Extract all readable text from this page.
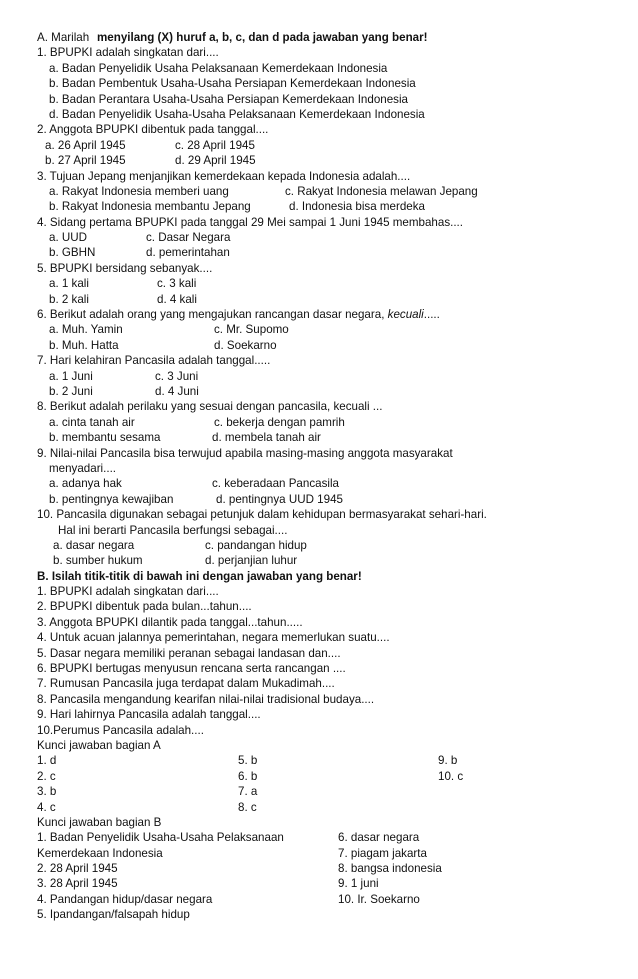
A. Marilah menyilang (X) huruf a, b, c, dan d pada jawaban yang benar!
1. BPUPKI adalah singkatan dari....
a. Badan Penyelidik Usaha Pelaksanaan Kemerdekaan Indonesia
b. Badan Pembentuk Usaha-Usaha Persiapan Kemerdekaan Indonesia
b. Badan Perantara Usaha-Usaha Persiapan Kemerdekaan Indonesia
d. Badan Penyelidik Usaha-Usaha Pelaksanaan Kemerdekaan Indonesia
2. Anggota BPUPKI dibentuk pada tanggal....
a. 26 April 1945	c. 28 April 1945
b. 27 April 1945	d. 29 April 1945
3. Tujuan Jepang menjanjikan kemerdekaan kepada Indonesia adalah....
a. Rakyat Indonesia memberi uang	c. Rakyat Indonesia melawan Jepang
b. Rakyat Indonesia membantu Jepang	d. Indonesia bisa merdeka
4. Sidang pertama BPUPKI pada tanggal 29 Mei sampai 1 Juni 1945 membahas....
a. UUD	c. Dasar Negara
b. GBHN	d. pemerintahan
5. BPUPKI bersidang sebanyak....
a. 1 kali	c. 3 kali
b. 2 kali	d. 4 kali
6. Berikut adalah orang yang mengajukan rancangan dasar negara, kecuali.....
a. Muh. Yamin	c. Mr. Supomo
b. Muh. Hatta	d. Soekarno
7. Hari kelahiran Pancasila adalah tanggal.....
a. 1 Juni	c. 3 Juni
b. 2 Juni	d. 4 Juni
8. Berikut adalah perilaku yang sesuai dengan pancasila, kecuali ...
a. cinta tanah air	c. bekerja dengan pamrih
b. membantu sesama	d. membela tanah air
9. Nilai-nilai Pancasila bisa terwujud apabila masing-masing anggota masyarakat
menyadari....
a. adanya hak	c. keberadaan Pancasila
b. pentingnya kewajiban	d. pentingnya UUD 1945
10. Pancasila digunakan sebagai petunjuk dalam kehidupan bermasyarakat sehari-hari.
Hal ini berarti Pancasila berfungsi sebagai....
a. dasar negara	c. pandangan hidup
b. sumber hukum	d. perjanjian luhur
B. Isilah titik-titik di bawah ini dengan jawaban yang benar!
1. BPUPKI adalah singkatan dari....
2. BPUPKI dibentuk pada bulan...tahun....
3. Anggota BPUPKI dilantik pada tanggal...tahun.....
4. Untuk acuan jalannya pemerintahan, negara memerlukan suatu....
5. Dasar negara memiliki peranan sebagai landasan dan....
6. BPUPKI bertugas menyusun rencana serta rancangan ....
7. Rumusan Pancasila juga terdapat dalam Mukadimah....
8. Pancasila mengandung kearifan nilai-nilai tradisional budaya....
9. Hari lahirnya Pancasila adalah tanggal....
10.Perumus Pancasila adalah....
Kunci jawaban bagian A
1. d	5. b	9. b
2. c	6. b	10. c
3. b	7. a
4. c	8. c
Kunci jawaban bagian B
1. Badan Penyelidik Usaha-Usaha Pelaksanaan	6. dasar negara
Kemerdekaan Indonesia	7. piagam jakarta
2. 28 April 1945	8. bangsa indonesia
3. 28 April 1945	9. 1 juni
4. Pandangan hidup/dasar negara	10. Ir. Soekarno
5. Ipandangan/falsapah hidup
